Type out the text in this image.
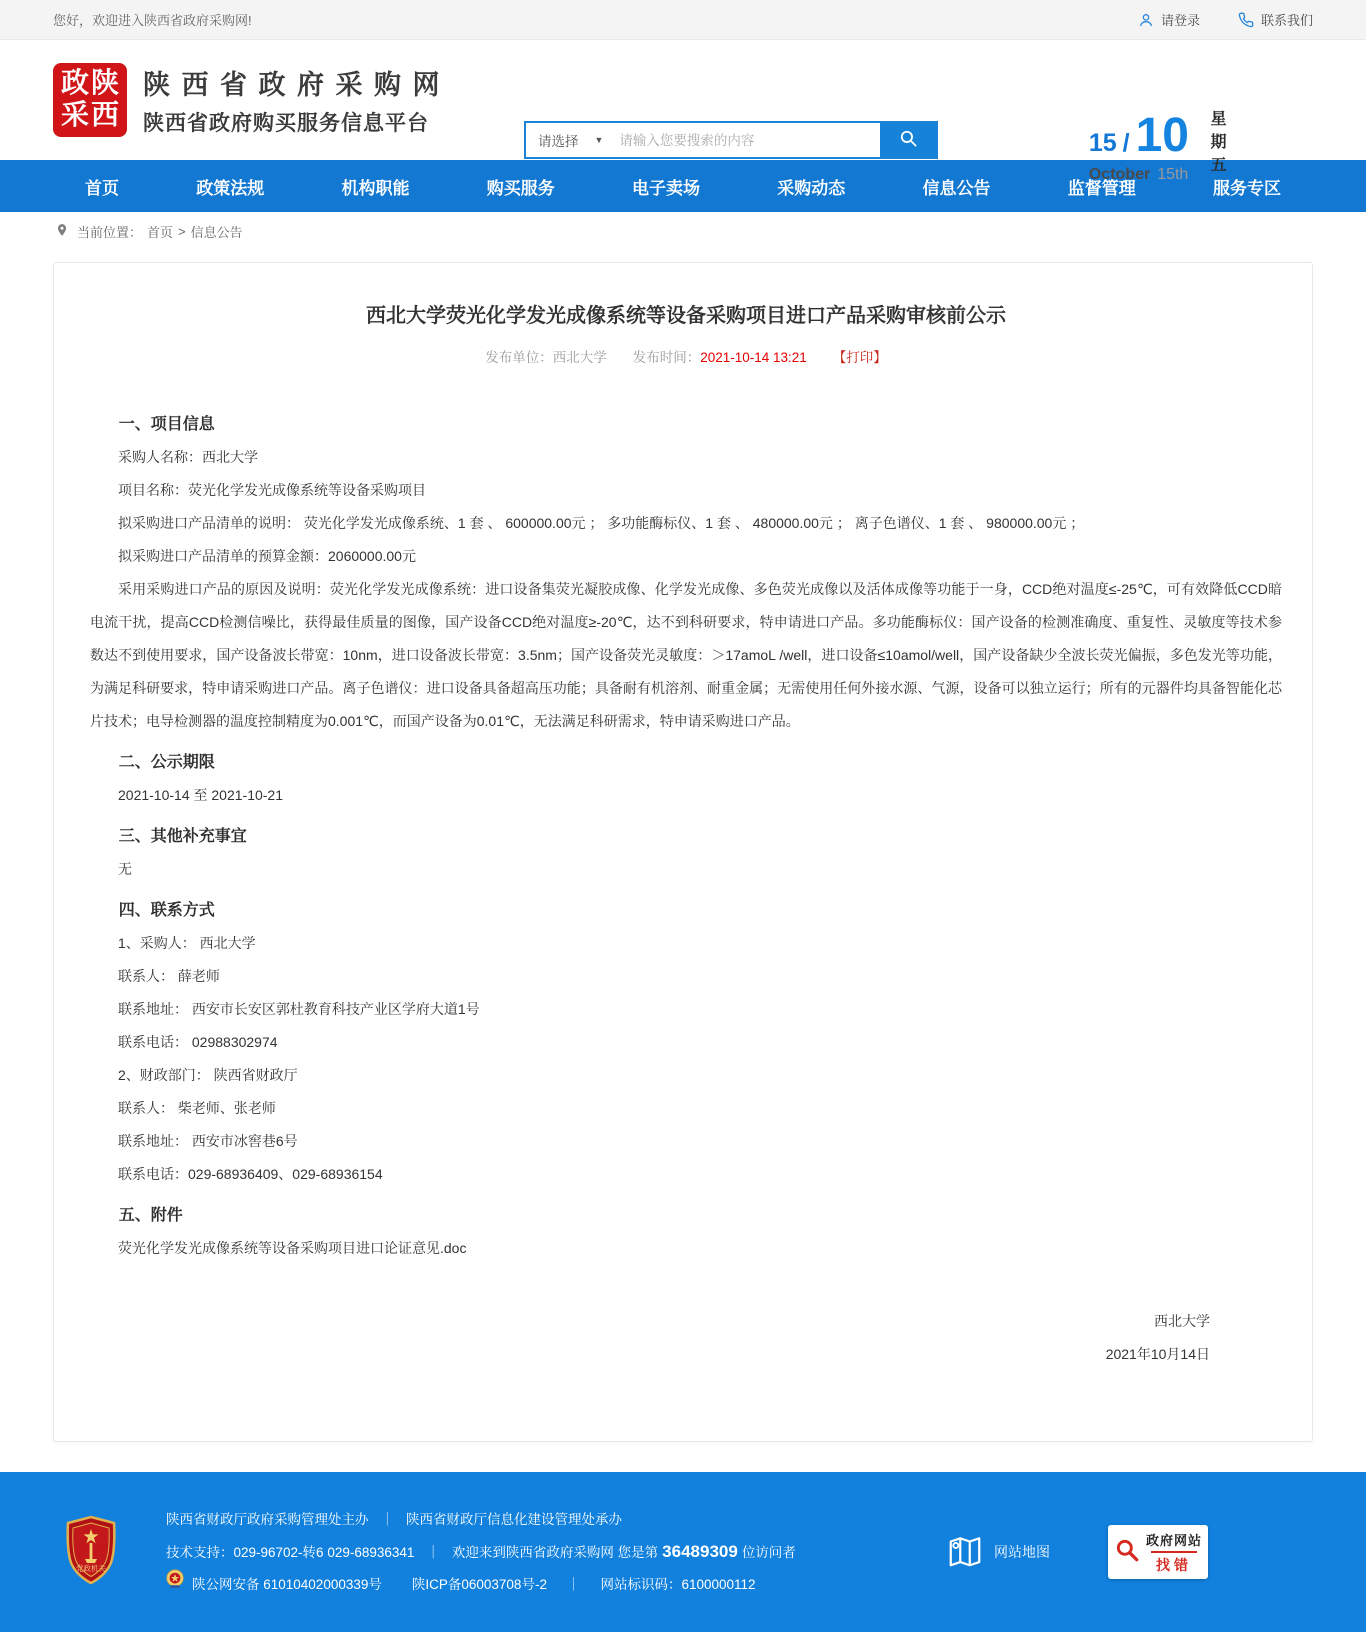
您好，欢迎进入陕西省政府采购网!	请登录	联系我们
政 陕
采 西
陕 西 省 政 府 采 购 网
陕西省政府购买服务信息平台
请选择 ▼
请输入您要搜索的内容	15 / 10
October 15th 星期五
首页	政策法规	机构职能	购买服务	电子卖场	采购动态	信息公告	监督管理	服务专区
当前位置： 首页 > 信息公告
西北大学荧光化学发光成像系统等设备采购项目进口产品采购审核前公示
发布单位：西北大学 发布时间：2021-10-14 13:21 【打印】
一、项目信息

采购人名称：西北大学

项目名称：荧光化学发光成像系统等设备采购项目

拟采购进口产品清单的说明： 荧光化学发光成像系统、1 套 、 600000.00元 ； 多功能酶标仪、1 套 、 480000.00元 ； 离子色谱仪、1 套 、 980000.00元 ；

拟采购进口产品清单的预算金额：2060000.00元

采用采购进口产品的原因及说明：荧光化学发光成像系统：进口设备集荧光凝胶成像、化学发光成像、多色荧光成像以及活体成像等功能于一身，CCD绝对温度≤-25℃，可有效降低CCD暗电流干扰，提高CCD检测信噪比，获得最佳质量的图像，国产设备CCD绝对温度≥-20℃，达不到科研要求，特申请进口产品。多功能酶标仪：国产设备的检测准确度、重复性、灵敏度等技术参数达不到使用要求，国产设备波长带宽：10nm，进口设备波长带宽：3.5nm；国产设备荧光灵敏度：＞17amoL /well，进口设备≤10amol/well，国产设备缺少全波长荧光偏振，多色发光等功能，为满足科研要求，特申请采购进口产品。离子色谱仪：进口设备具备超高压功能；具备耐有机溶剂、耐重金属；无需使用任何外接水源、气源，设备可以独立运行；所有的元器件均具备智能化芯片技术；电导检测器的温度控制精度为0.001℃，而国产设备为0.01℃，无法满足科研需求，特申请采购进口产品。

二、公示期限

2021-10-14 至 2021-10-21

三、其他补充事宜

无

四、联系方式

1、采购人： 西北大学

联系人： 薛老师

联系地址： 西安市长安区郭杜教育科技产业区学府大道1号

联系电话： 02988302974

2、财政部门： 陕西省财政厅

联系人： 柴老师、张老师

联系地址： 西安市冰窖巷6号

联系电话：029-68936409、029-68936154

五、附件

荧光化学发光成像系统等设备采购项目进口论证意见.doc

西北大学
2021年10月14日
党政机关
陕西省财政厅政府采购管理处主办 ｜ 陕西省财政厅信息化建设管理处承办
技术支持：029-96702-转6 029-68936341 ｜ 欢迎来到陕西省政府采购网 您是第 36489309 位访问者
陕公网安备 61010402000339号 陕ICP备06003708号-2 ｜ 网站标识码：6100000112
网站地图
政府网站
找错
